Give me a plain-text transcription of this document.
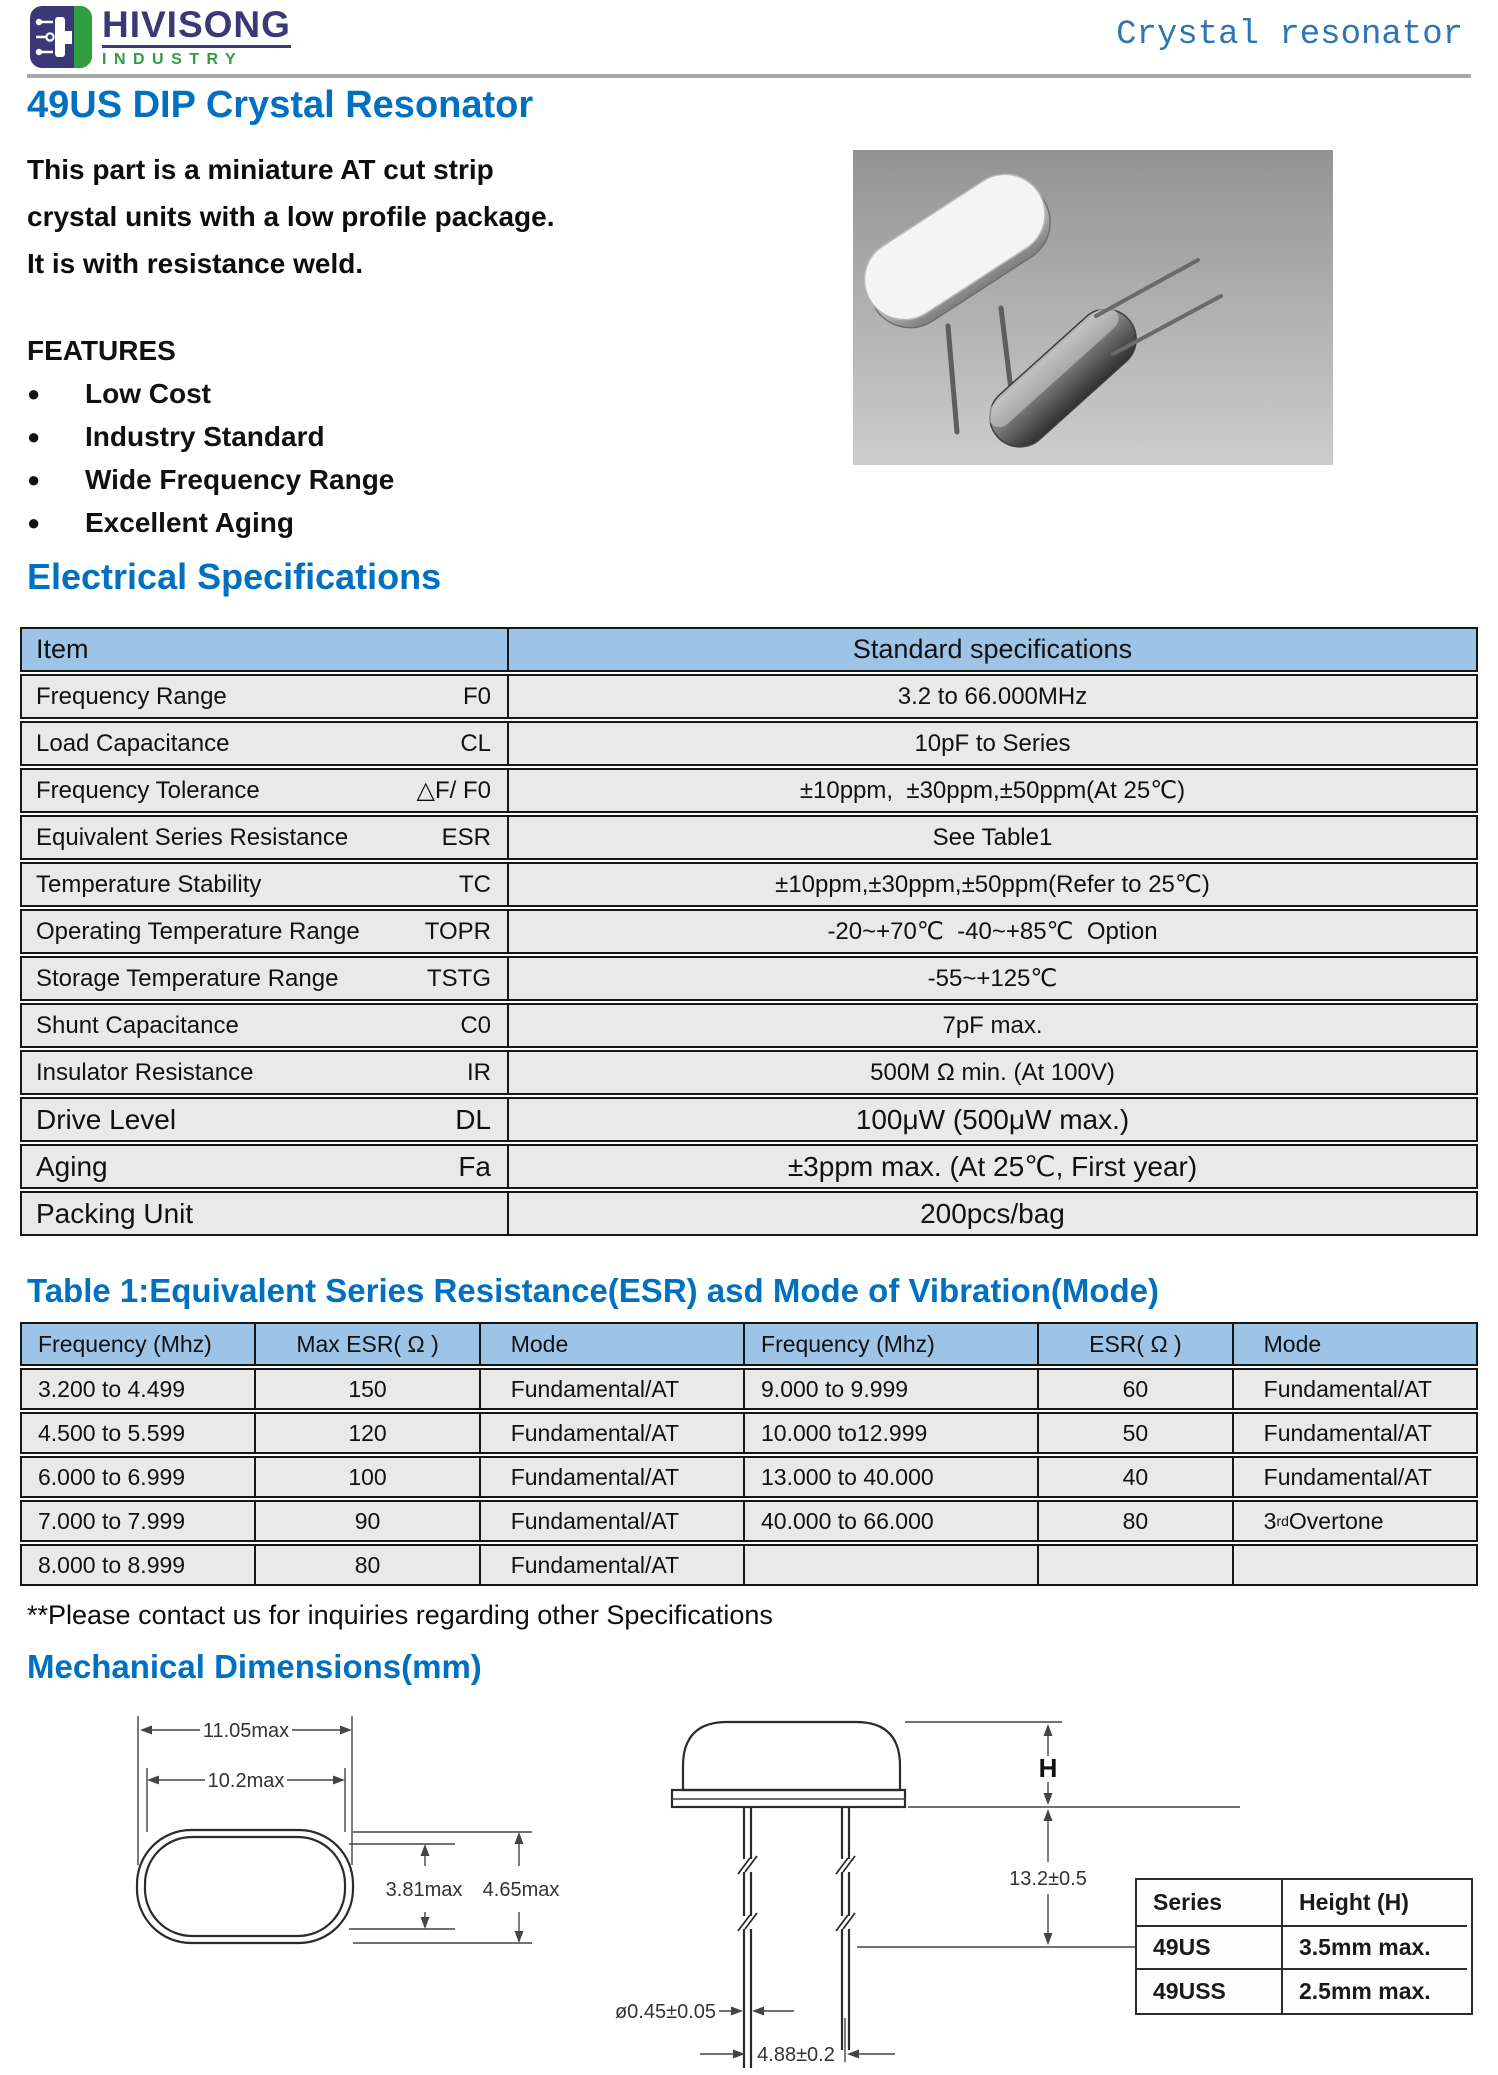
HIVISONG
INDUSTRY
Crystal resonator
49US DIP Crystal Resonator
This part is a miniature AT cut strip
crystal units with a low profile package.
It is with resistance weld.
FEATURES
●	Low Cost
●	Industry Standard
●	Wide Frequency Range
●	Excellent Aging
Electrical Specifications
Item	Standard specifications
Frequency Range	F0	3.2 to 66.000MHz
Load Capacitance	CL	10pF to Series
Frequency Tolerance	△F/ F0	±10ppm,  ±30ppm,±50ppm(At 25℃)
Equivalent Series Resistance	ESR	See Table1
Temperature Stability	TC	±10ppm,±30ppm,±50ppm(Refer to 25℃)
Operating Temperature Range	TOPR	-20~+70℃  -40~+85℃  Option
Storage Temperature Range	TSTG	-55~+125℃
Shunt Capacitance	C0	7pF max.
Insulator Resistance	IR	500M Ω min. (At 100V)
Drive Level	DL	100μW (500μW max.)
Aging	Fa	±3ppm max. (At 25℃, First year)
Packing Unit	200pcs/bag
Table 1:Equivalent Series Resistance(ESR) asd Mode of Vibration(Mode)
Frequency (Mhz)	Max ESR( Ω )	Mode	Frequency (Mhz)	ESR( Ω )	Mode
3.200 to 4.499	150	Fundamental/AT	9.000 to 9.999	60	Fundamental/AT
4.500 to 5.599	120	Fundamental/AT	10.000 to12.999	50	Fundamental/AT
6.000 to 6.999	100	Fundamental/AT	13.000 to 40.000	40	Fundamental/AT
7.000 to 7.999	90	Fundamental/AT	40.000 to 66.000	80	3 rd Overtone
8.000 to 8.999	80	Fundamental/AT
**Please contact us for inquiries regarding other Specifications
Mechanical Dimensions(mm)
11.05max
10.2max
3.81max 4.65max
H
13.2±0.5
ø0.45±0.05
4.88±0.2
Series	Height (H)
49US	3.5mm max.
49USS	2.5mm max.
